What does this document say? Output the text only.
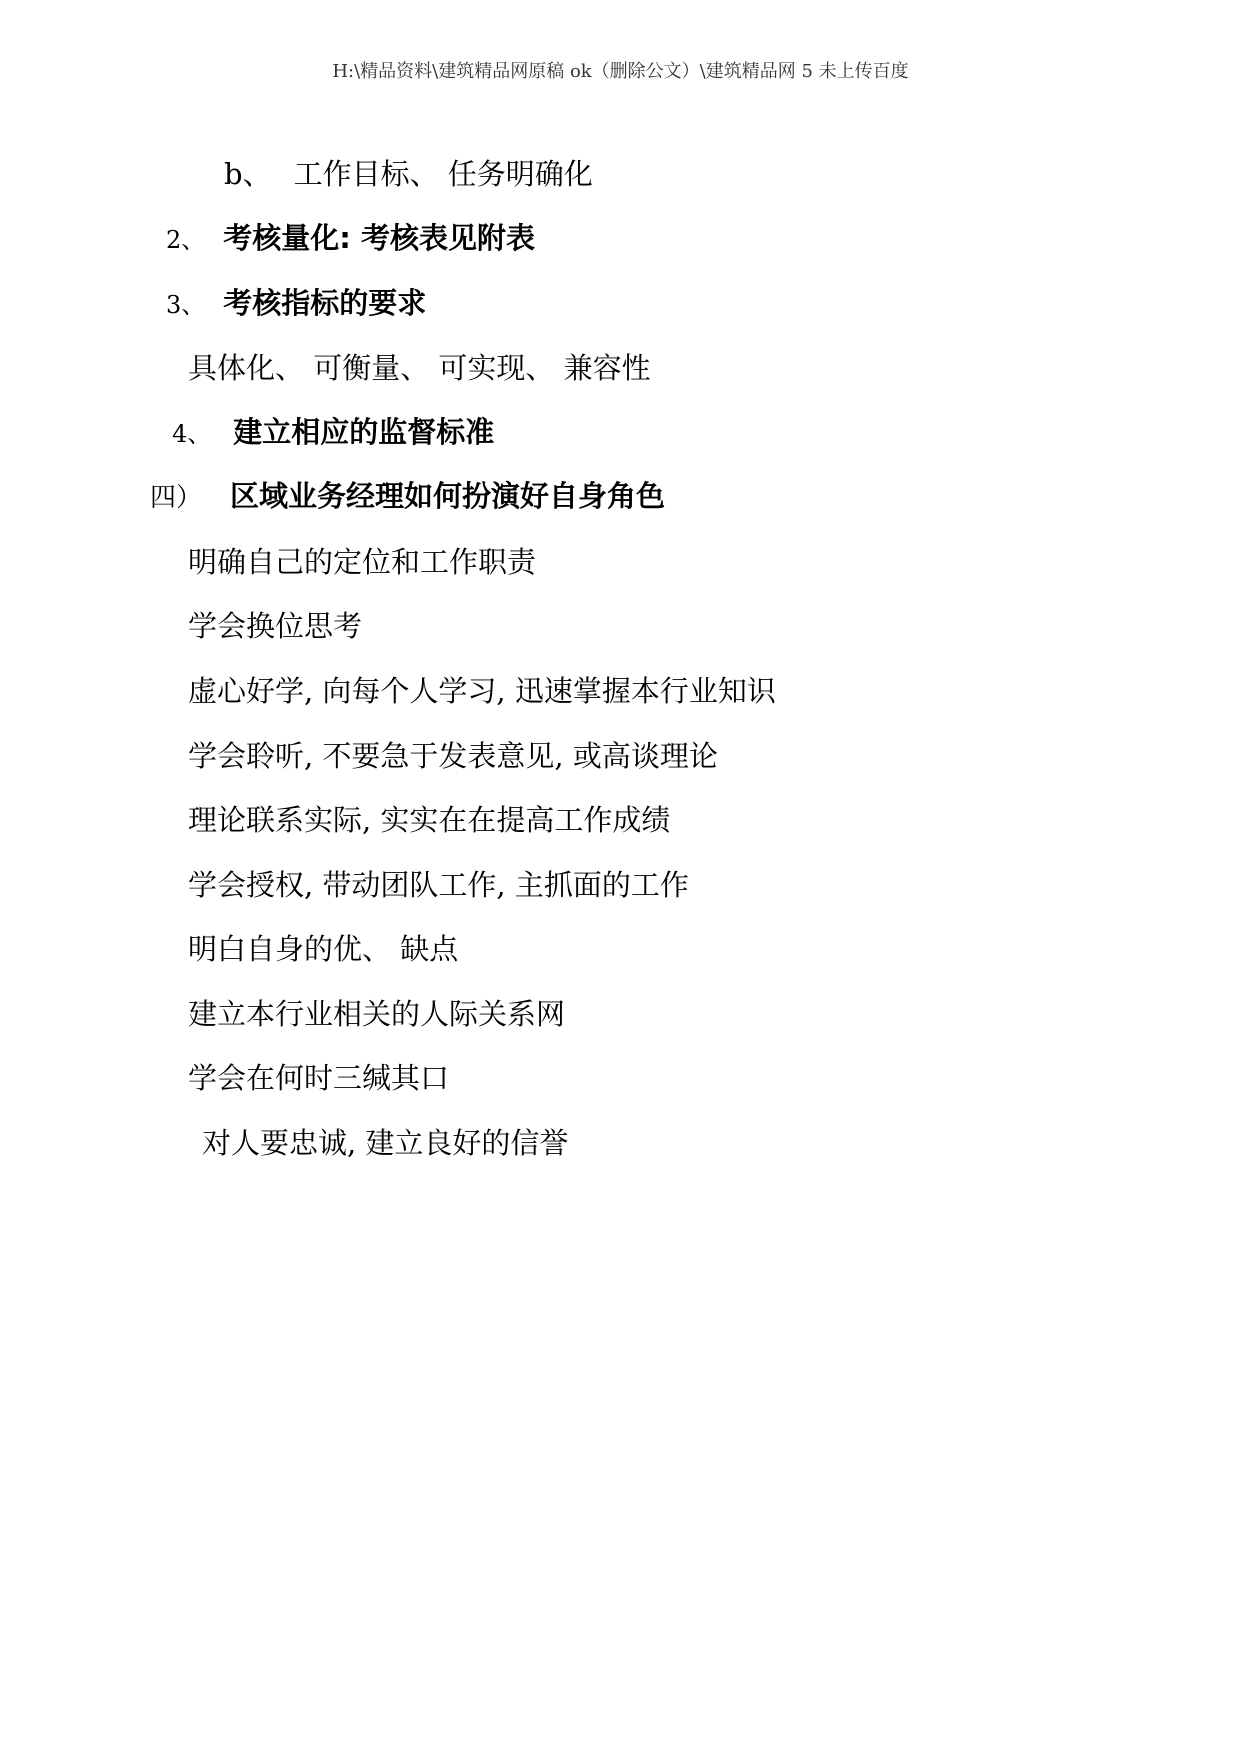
H:\精品资料\建筑精品网原稿 ok（删除公文）\建筑精品网 5 未上传百度
b、 工作目标、 任务明确化
2、 考核量化: 考核表见附表
3、 考核指标的要求
具体化、 可衡量、 可实现、 兼容性
4、 建立相应的监督标准
四） 区域业务经理如何扮演好自身角色
明确自己的定位和工作职责
学会换位思考
虚心好学, 向每个人学习, 迅速掌握本行业知识
学会聆听, 不要急于发表意见, 或高谈理论
理论联系实际, 实实在在提高工作成绩
学会授权, 带动团队工作, 主抓面的工作
明白自身的优、 缺点
建立本行业相关的人际关系网
学会在何时三缄其口
对人要忠诚, 建立良好的信誉
